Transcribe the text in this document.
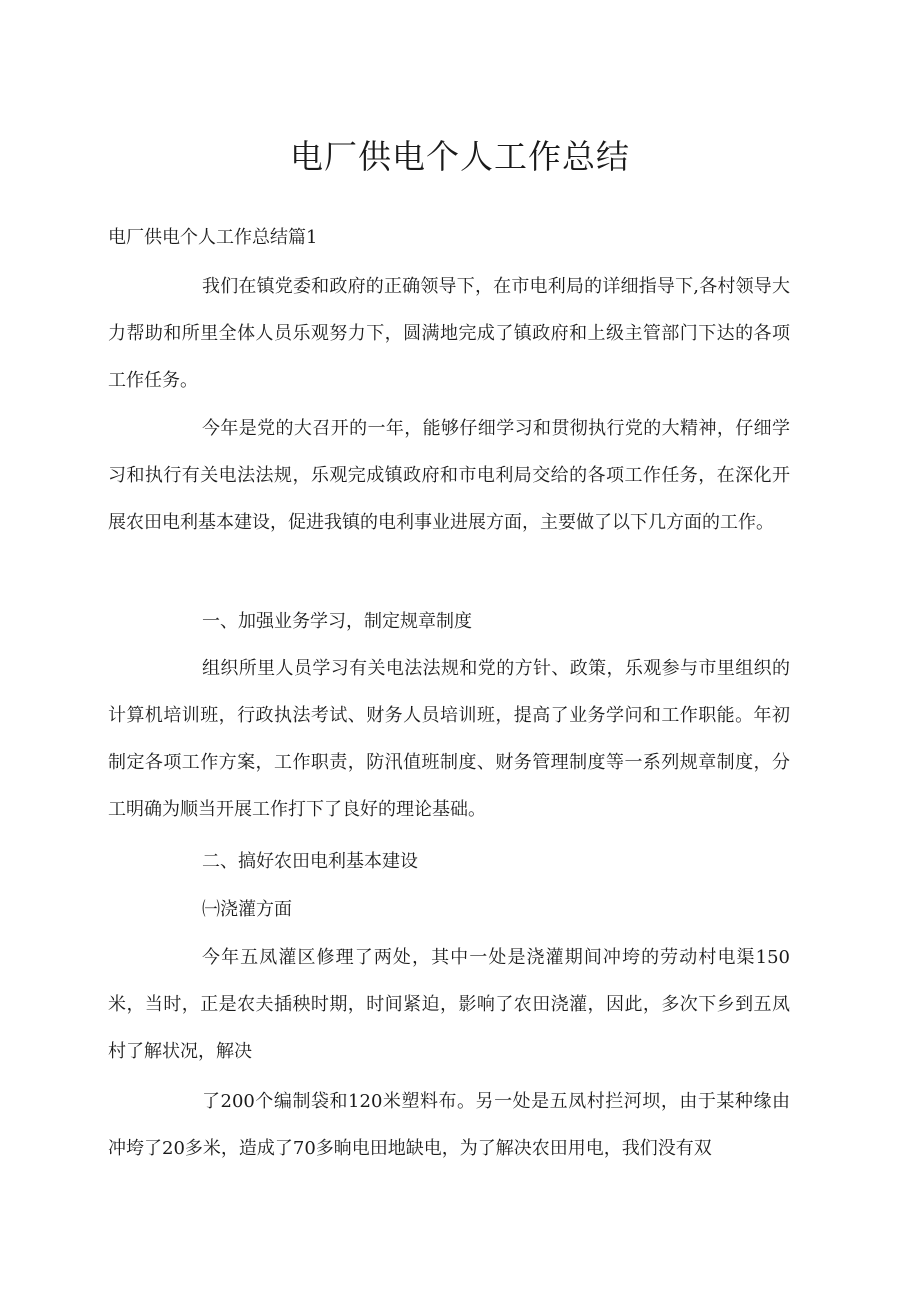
电厂供电个人工作总结

电厂供电个人工作总结篇1

我们在镇党委和政府的正确领导下，在市电利局的详细指导下,各村领导大力帮助和所里全体人员乐观努力下，圆满地完成了镇政府和上级主管部门下达的各项工作任务。

今年是党的大召开的一年，能够仔细学习和贯彻执行党的大精神，仔细学习和执行有关电法法规，乐观完成镇政府和市电利局交给的各项工作任务，在深化开展农田电利基本建设，促进我镇的电利事业进展方面，主要做了以下几方面的工作。

一、加强业务学习，制定规章制度

组织所里人员学习有关电法法规和党的方针、政策，乐观参与市里组织的计算机培训班，行政执法考试、财务人员培训班，提高了业务学问和工作职能。年初制定各项工作方案，工作职责，防汛值班制度、财务管理制度等一系列规章制度，分工明确为顺当开展工作打下了良好的理论基础。

二、搞好农田电利基本建设

㈠浇灌方面

今年五凤灌区修理了两处，其中一处是浇灌期间冲垮的劳动村电渠150米，当时，正是农夫插秧时期，时间紧迫，影响了农田浇灌，因此，多次下乡到五凤村了解状况，解决

了200个编制袋和120米塑料布。另一处是五凤村拦河坝，由于某种缘由冲垮了20多米，造成了70多晌电田地缺电，为了解决农田用电，我们没有双
